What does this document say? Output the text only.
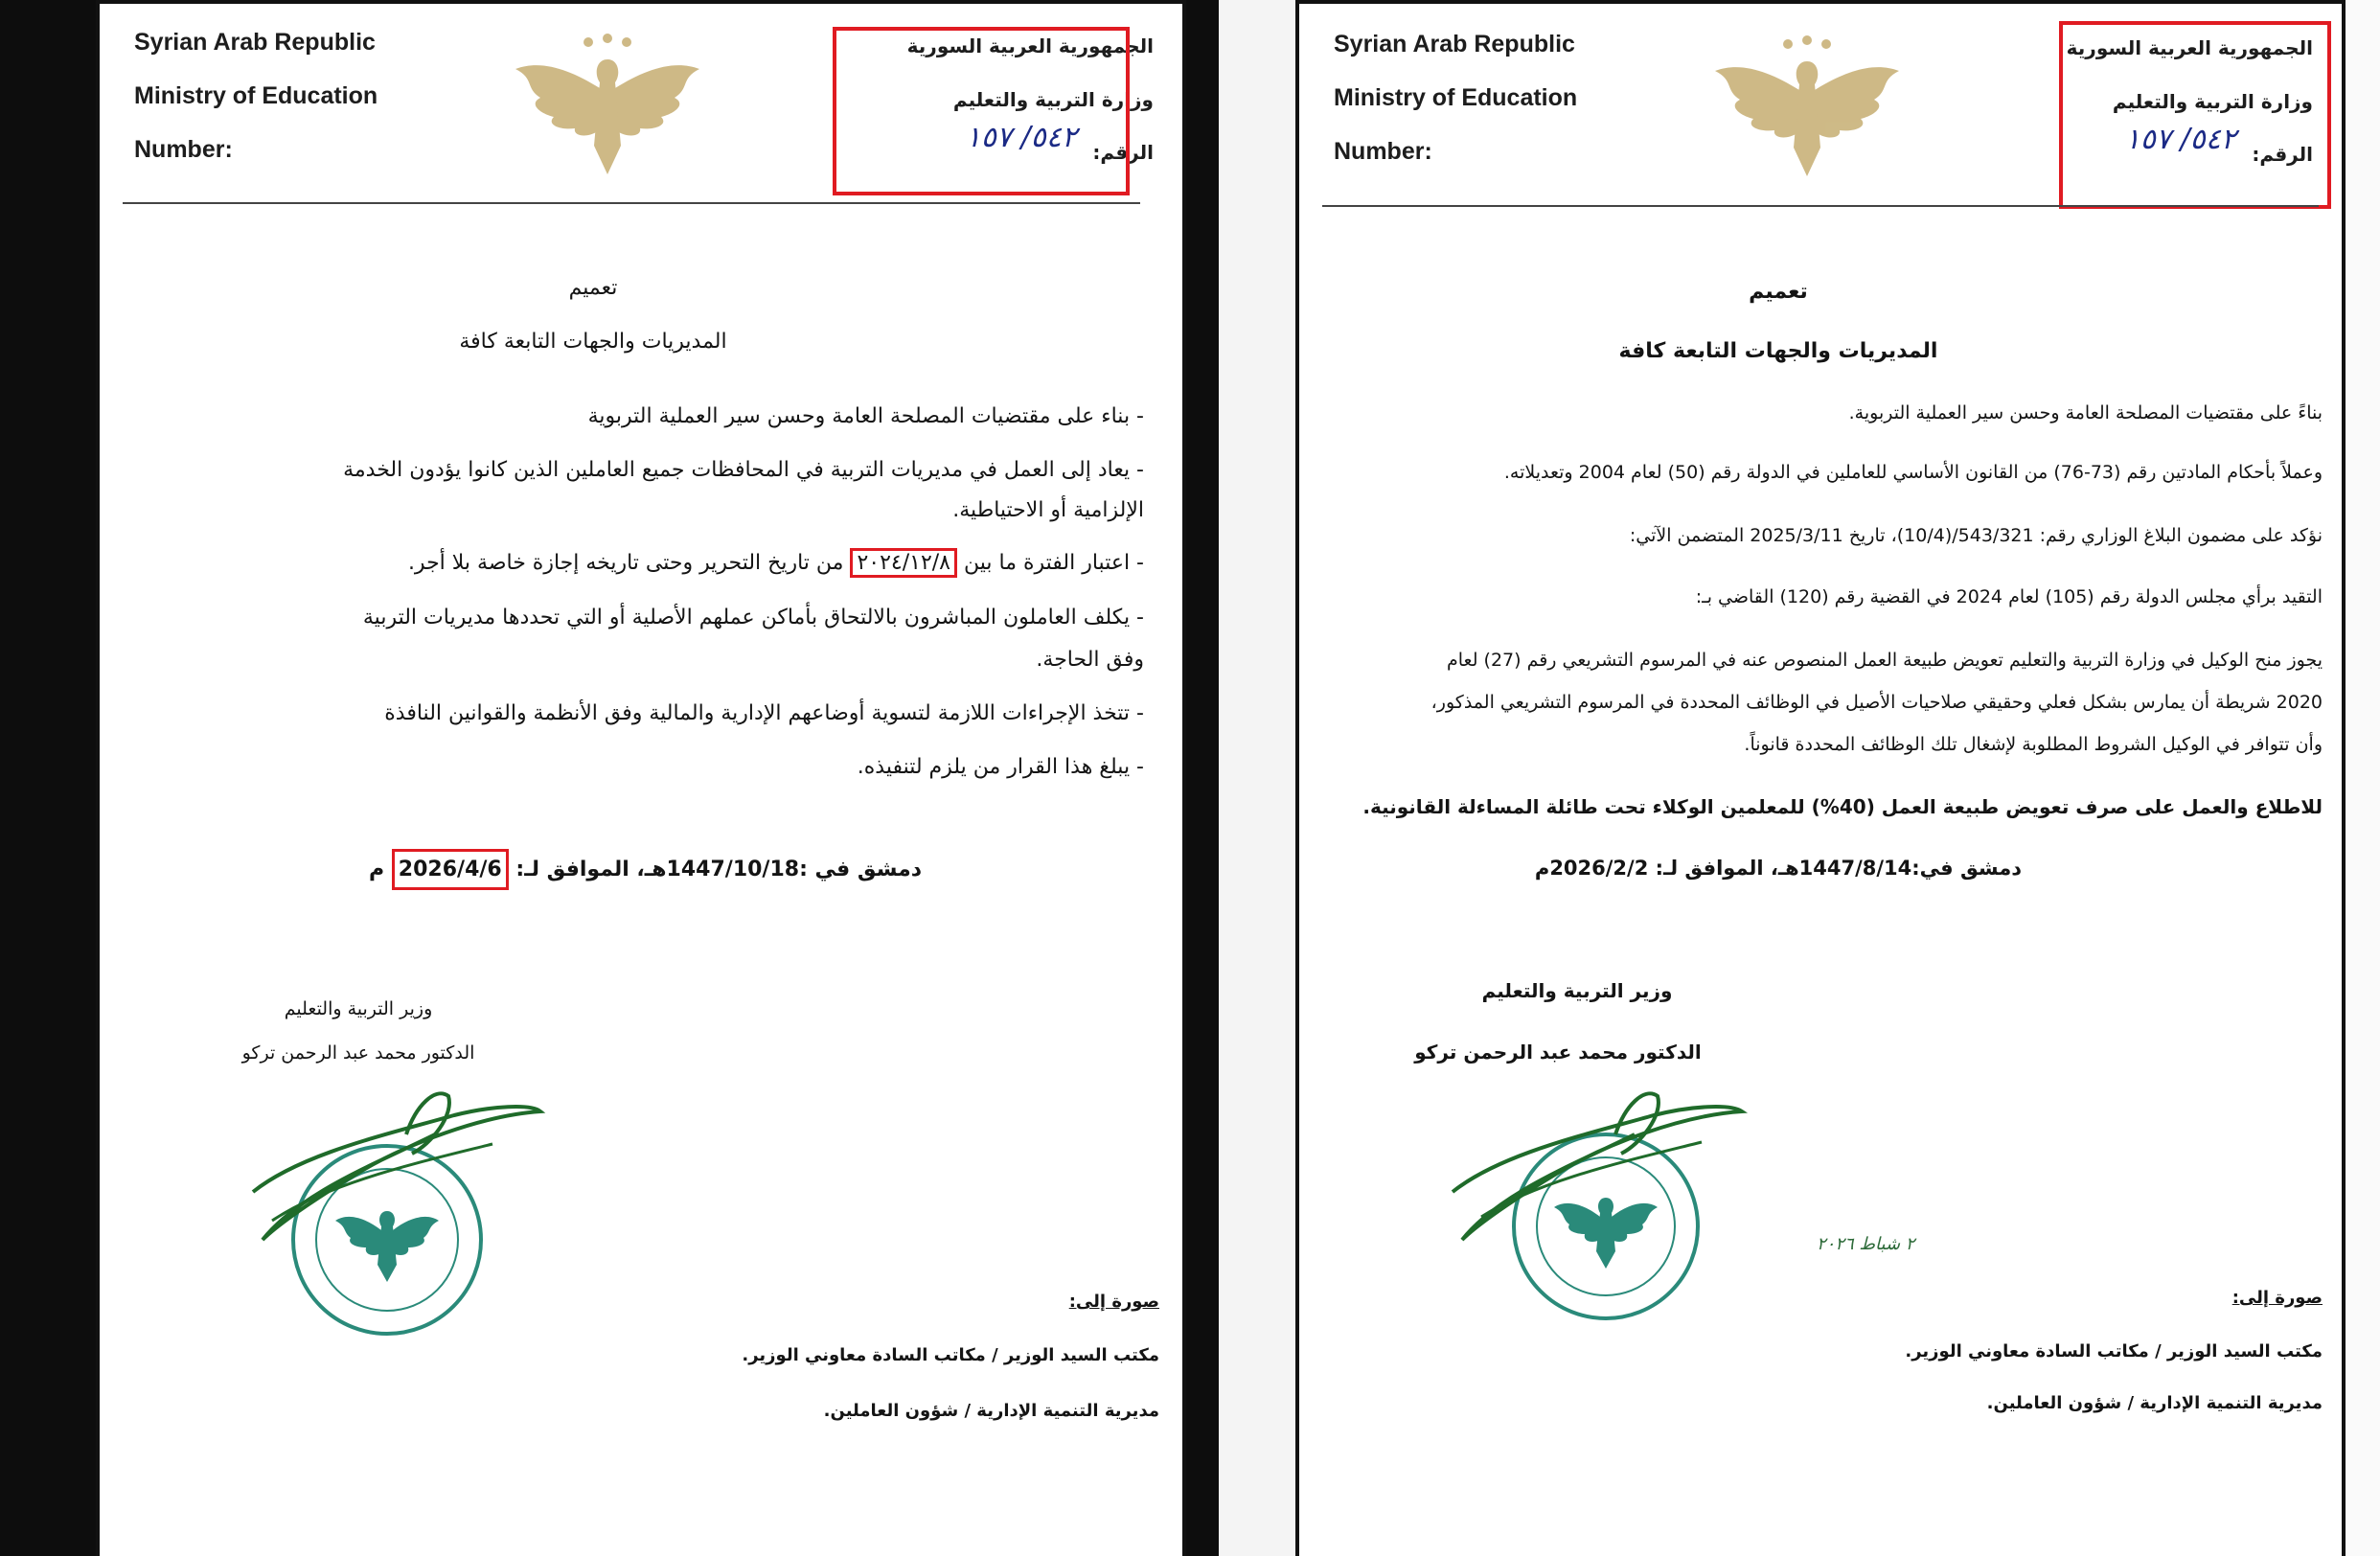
Syrian Arab Republic
Ministry of Education
Number:
الجمهورية العربية السورية
وزارة التربية والتعليم
الرقم:
٥٤٢/ ١٥٧
تعميم
المديريات والجهات التابعة كافة
- بناء على مقتضيات المصلحة العامة وحسن سير العملية التربوية
- يعاد إلى العمل في مديريات التربية في المحافظات جميع العاملين الذين كانوا يؤدون الخدمة
الإلزامية أو الاحتياطية.
- اعتبار الفترة ما بين ٢٠٢٤/١٢/٨ من تاريخ التحرير وحتى تاريخه إجازة خاصة بلا أجر.
- يكلف العاملون المباشرون بالالتحاق بأماكن عملهم الأصلية أو التي تحددها مديريات التربية
وفق الحاجة.
- تتخذ الإجراءات اللازمة لتسوية أوضاعهم الإدارية والمالية وفق الأنظمة والقوانين النافذة
- يبلغ هذا القرار من يلزم لتنفيذه.
دمشق في :1447/10/18هـ، الموافق لـ: 2026/4/6 م
وزير التربية والتعليم
الدكتور محمد عبد الرحمن تركو
صورة إلى:
مكتب السيد الوزير / مكاتب السادة معاوني الوزير.
مديرية التنمية الإدارية / شؤون العاملين.
Syrian Arab Republic
Ministry of Education
Number:
الجمهورية العربية السورية
وزارة التربية والتعليم
الرقم:
٥٤٢/ ١٥٧
تعميم
المديريات والجهات التابعة كافة
بناءً على مقتضيات المصلحة العامة وحسن سير العملية التربوية.
وعملاً بأحكام المادتين رقم (73-76) من القانون الأساسي للعاملين في الدولة رقم (50) لعام 2004 وتعديلاته.
نؤكد على مضمون البلاغ الوزاري رقم: 543/321/(10/4)، تاريخ 2025/3/11 المتضمن الآتي:
التقيد برأي مجلس الدولة رقم (105) لعام 2024 في القضية رقم (120) القاضي بـ:
يجوز منح الوكيل في وزارة التربية والتعليم تعويض طبيعة العمل المنصوص عنه في المرسوم التشريعي رقم (27) لعام
2020 شريطة أن يمارس بشكل فعلي وحقيقي صلاحيات الأصيل في الوظائف المحددة في المرسوم التشريعي المذكور،
وأن تتوافر في الوكيل الشروط المطلوبة لإشغال تلك الوظائف المحددة قانوناً.
للاطلاع والعمل على صرف تعويض طبيعة العمل (40%) للمعلمين الوكلاء تحت طائلة المساءلة القانونية.
دمشق في:1447/8/14هـ، الموافق لـ: 2026/2/2م
وزير التربية والتعليم
الدكتور محمد عبد الرحمن تركو
٢ شباط ٢٠٢٦
صورة إلى:
مكتب السيد الوزير / مكاتب السادة معاوني الوزير.
مديرية التنمية الإدارية / شؤون العاملين.
